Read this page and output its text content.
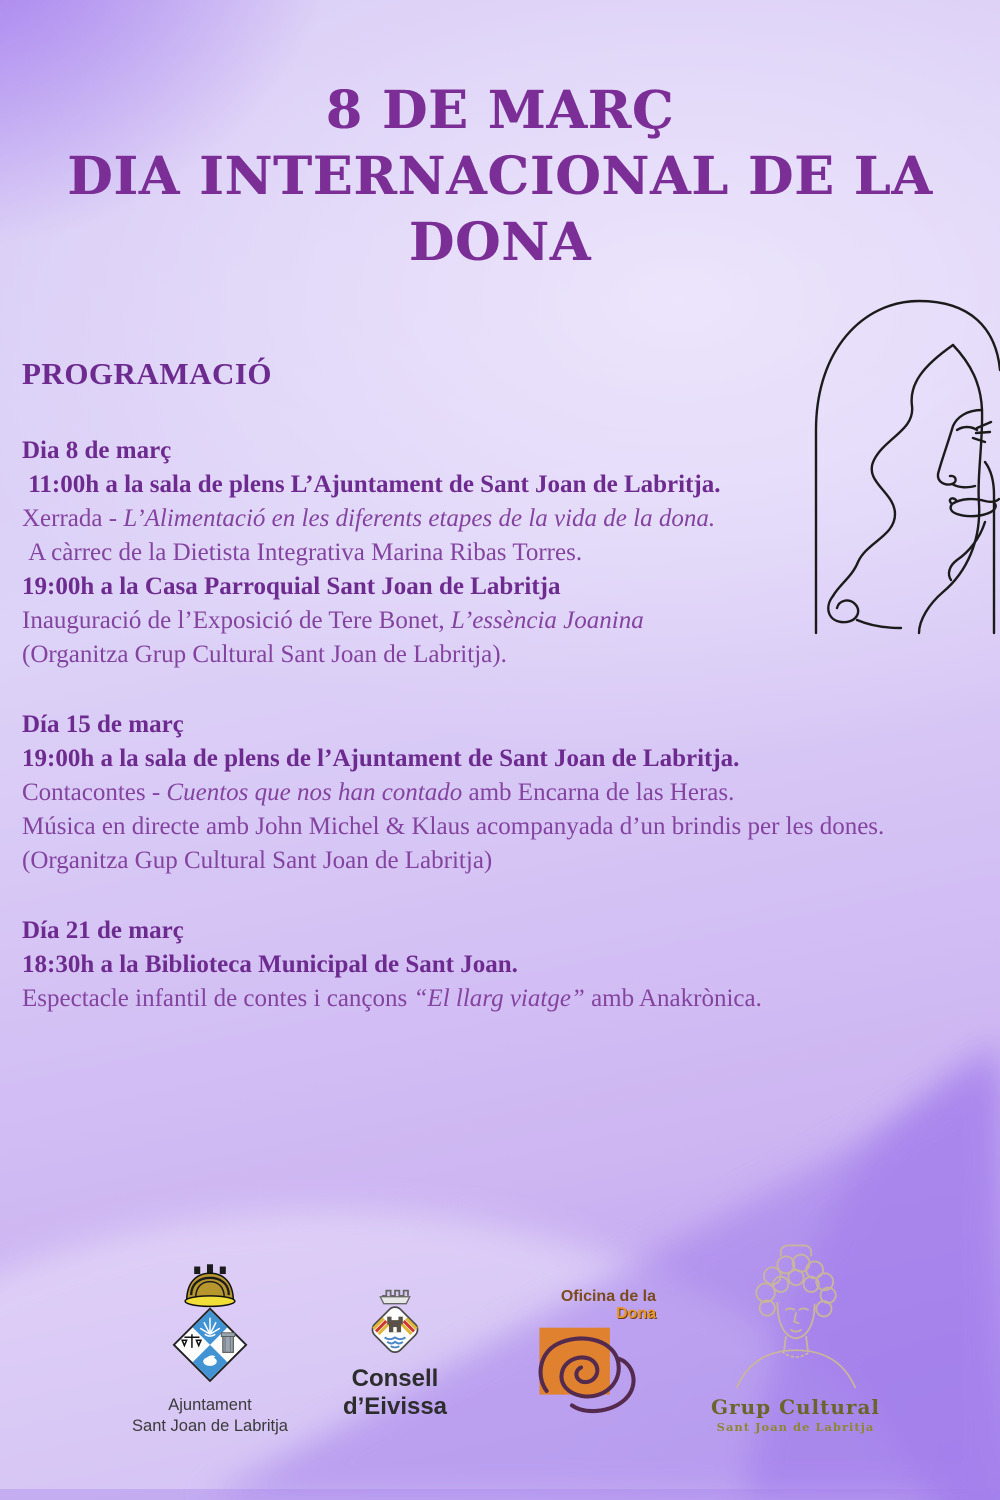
8 DE MARÇ
DIA INTERNACIONAL DE LA DONA
PROGRAMACIÓ
Dia 8 de març
11:00h a la sala de plens L’Ajuntament de Sant Joan de Labritja.
Xerrada - L’Alimentació en les diferents etapes de la vida de la dona.
A càrrec de la Dietista Integrativa Marina Ribas Torres.
19:00h a la Casa Parroquial Sant Joan de Labritja
Inauguració de l’Exposició de Tere Bonet, L’essència Joanina
(Organitza Grup Cultural Sant Joan de Labritja).
Día 15 de març
19:00h a la sala de plens de l’Ajuntament de Sant Joan de Labritja.
Contacontes - Cuentos que nos han contado amb Encarna de las Heras.
Música en directe amb John Michel & Klaus acompanyada d’un brindis per les dones.
(Organitza Gup Cultural Sant Joan de Labritja)
Día 21 de març
18:30h a la Biblioteca Municipal de Sant Joan.
Espectacle infantil de contes i cançons “El llarg viatge” amb Anakrònica.
Ajuntament
Sant Joan de Labritja
Consell
d’Eivissa
Oficina de la
Dona
Grup Cultural
Sant Joan de Labritja
